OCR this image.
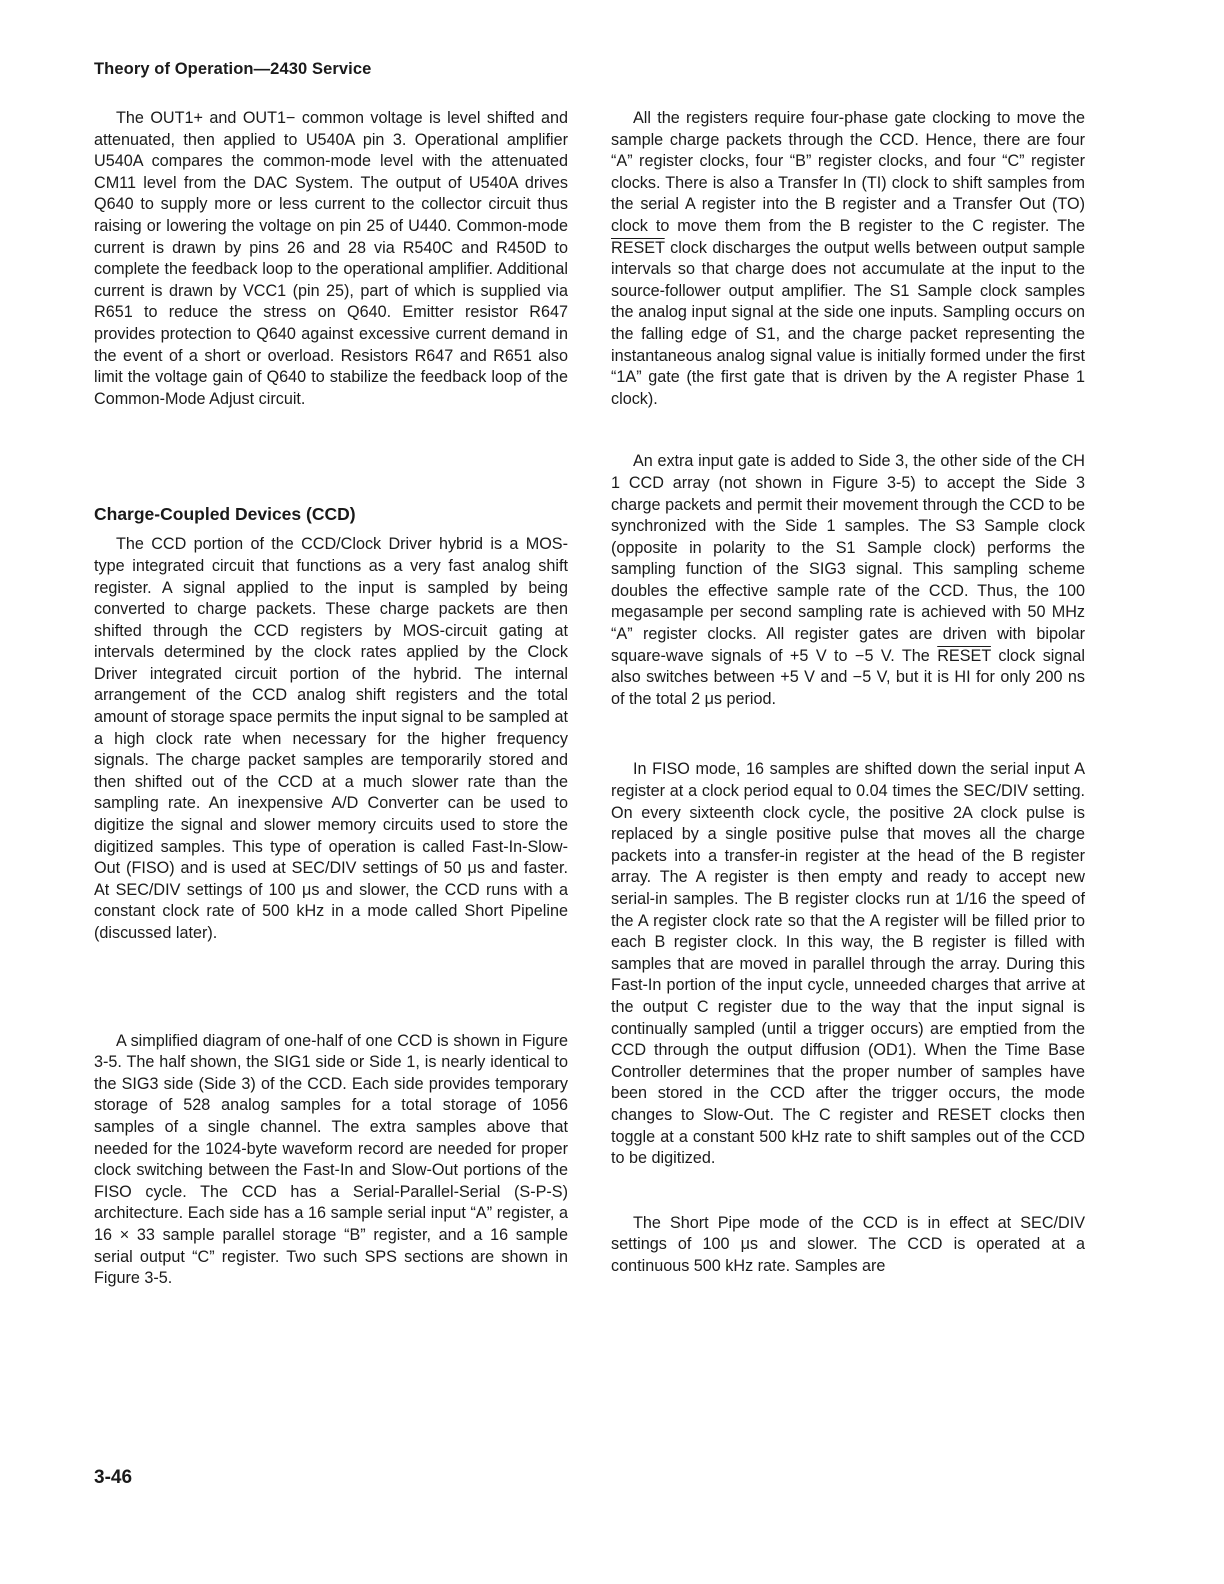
Theory of Operation—2430 Service

The OUT1+ and OUT1− common voltage is level shifted and attenuated, then applied to U540A pin 3. Operational amplifier U540A compares the common-mode level with the attenuated CM11 level from the DAC System. The output of U540A drives Q640 to supply more or less current to the collector circuit thus raising or lowering the voltage on pin 25 of U440. Common-mode current is drawn by pins 26 and 28 via R540C and R450D to complete the feedback loop to the operational amplifier. Additional current is drawn by VCC1 (pin 25), part of which is supplied via R651 to reduce the stress on Q640. Emitter resistor R647 provides protection to Q640 against excessive current demand in the event of a short or overload. Resistors R647 and R651 also limit the voltage gain of Q640 to stabilize the feedback loop of the Common-Mode Adjust circuit.

Charge-Coupled Devices (CCD)

The CCD portion of the CCD/Clock Driver hybrid is a MOS-type integrated circuit that functions as a very fast analog shift register. A signal applied to the input is sampled by being converted to charge packets. These charge packets are then shifted through the CCD registers by MOS-circuit gating at intervals determined by the clock rates applied by the Clock Driver integrated circuit portion of the hybrid. The internal arrangement of the CCD analog shift registers and the total amount of storage space permits the input signal to be sampled at a high clock rate when necessary for the higher frequency signals. The charge packet samples are temporarily stored and then shifted out of the CCD at a much slower rate than the sampling rate. An inexpensive A/D Converter can be used to digitize the signal and slower memory circuits used to store the digitized samples. This type of operation is called Fast-In-Slow-Out (FISO) and is used at SEC/DIV settings of 50 μs and faster. At SEC/DIV settings of 100 μs and slower, the CCD runs with a constant clock rate of 500 kHz in a mode called Short Pipeline (discussed later).

A simplified diagram of one-half of one CCD is shown in Figure 3-5. The half shown, the SIG1 side or Side 1, is nearly identical to the SIG3 side (Side 3) of the CCD. Each side provides temporary storage of 528 analog samples for a total storage of 1056 samples of a single channel. The extra samples above that needed for the 1024-byte waveform record are needed for proper clock switching between the Fast-In and Slow-Out portions of the FISO cycle. The CCD has a Serial-Parallel-Serial (S-P-S) architecture. Each side has a 16 sample serial input “A” register, a 16 × 33 sample parallel storage “B” register, and a 16 sample serial output “C” register. Two such SPS sections are shown in Figure 3-5.

All the registers require four-phase gate clocking to move the sample charge packets through the CCD. Hence, there are four “A” register clocks, four “B” register clocks, and four “C” register clocks. There is also a Transfer In (TI) clock to shift samples from the serial A register into the B register and a Transfer Out (TO) clock to move them from the B register to the C register. The RESET clock discharges the output wells between output sample intervals so that charge does not accumulate at the input to the source-follower output amplifier. The S1 Sample clock samples the analog input signal at the side one inputs. Sampling occurs on the falling edge of S1, and the charge packet representing the instantaneous analog signal value is initially formed under the first “1A” gate (the first gate that is driven by the A register Phase 1 clock).

An extra input gate is added to Side 3, the other side of the CH 1 CCD array (not shown in Figure 3-5) to accept the Side 3 charge packets and permit their movement through the CCD to be synchronized with the Side 1 samples. The S3 Sample clock (opposite in polarity to the S1 Sample clock) performs the sampling function of the SIG3 signal. This sampling scheme doubles the effective sample rate of the CCD. Thus, the 100 megasample per second sampling rate is achieved with 50 MHz “A” register clocks. All register gates are driven with bipolar square-wave signals of +5 V to −5 V. The RESET clock signal also switches between +5 V and −5 V, but it is HI for only 200 ns of the total 2 μs period.

In FISO mode, 16 samples are shifted down the serial input A register at a clock period equal to 0.04 times the SEC/DIV setting. On every sixteenth clock cycle, the positive 2A clock pulse is replaced by a single positive pulse that moves all the charge packets into a transfer-in register at the head of the B register array. The A register is then empty and ready to accept new serial-in samples. The B register clocks run at 1/16 the speed of the A register clock rate so that the A register will be filled prior to each B register clock. In this way, the B register is filled with samples that are moved in parallel through the array. During this Fast-In portion of the input cycle, unneeded charges that arrive at the output C register due to the way that the input signal is continually sampled (until a trigger occurs) are emptied from the CCD through the output diffusion (OD1). When the Time Base Controller determines that the proper number of samples have been stored in the CCD after the trigger occurs, the mode changes to Slow-Out. The C register and RESET clocks then toggle at a constant 500 kHz rate to shift samples out of the CCD to be digitized.

The Short Pipe mode of the CCD is in effect at SEC/DIV settings of 100 μs and slower. The CCD is operated at a continuous 500 kHz rate. Samples are

3-46
